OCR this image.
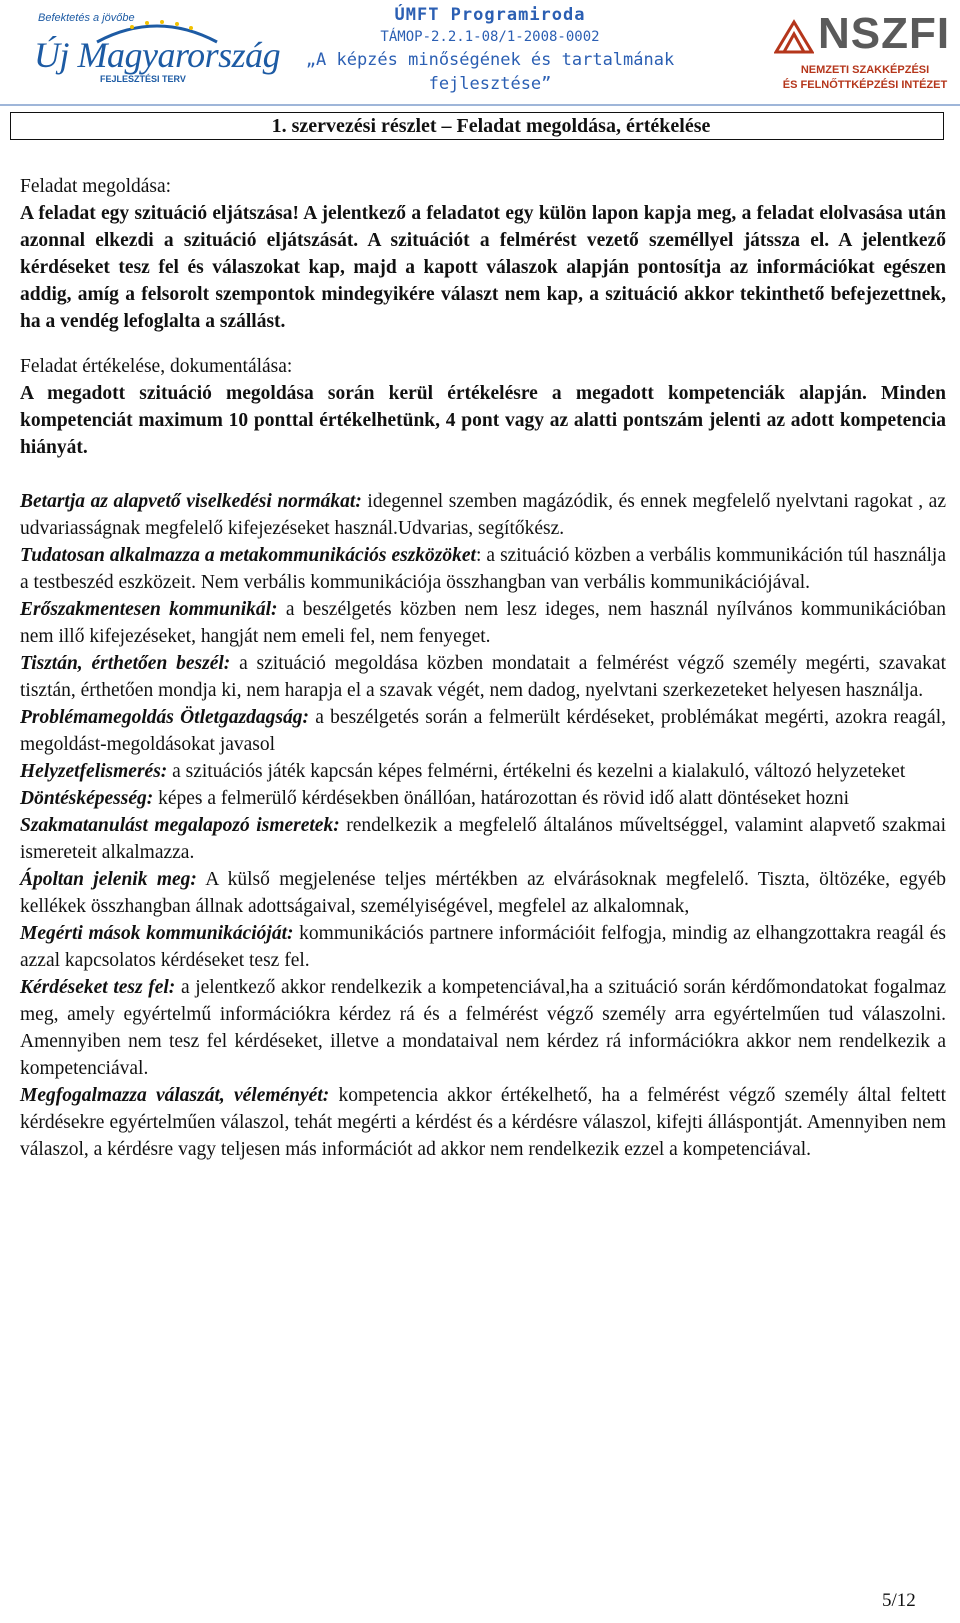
Befektetés a jövőbe
Új Magyarország
FEJLESZTÉSI TERV
ÚMFT Programiroda
TÁMOP-2.2.1-08/1-2008-0002
„A képzés minőségének és tartalmának
fejlesztése”
NSZFI
NEMZETI SZAKKÉPZÉSI
ÉS FELNŐTTKÉPZÉSI INTÉZET
1. szervezési részlet – Feladat megoldása, értékelése

Feladat megoldása:

A feladat egy szituáció eljátszása! A jelentkező a feladatot egy külön lapon kapja meg, a feladat elolvasása után azonnal elkezdi a szituáció eljátszását. A szituációt a felmérést vezető személlyel játssza el. A jelentkező kérdéseket tesz fel és válaszokat kap, majd a kapott válaszok alapján pontosítja az információkat egészen addig, amíg a felsorolt szempontok mindegyikére választ nem kap, a szituáció akkor tekinthető befejezettnek, ha a vendég lefoglalta a szállást.

Feladat értékelése, dokumentálása:

A megadott szituáció megoldása során kerül értékelésre a megadott kompetenciák alapján. Minden kompetenciát maximum 10 ponttal értékelhetünk, 4 pont vagy az alatti pontszám jelenti az adott kompetencia hiányát.

Betartja az alapvető viselkedési normákat: idegennel szemben magázódik, és ennek megfelelő nyelvtani ragokat , az udvariasságnak megfelelő kifejezéseket használ.Udvarias, segítőkész.

Tudatosan alkalmazza a metakommunikációs eszközöket: a szituáció közben a verbális kommunikáción túl használja a testbeszéd eszközeit. Nem verbális kommunikációja összhangban van verbális kommunikációjával.

Erőszakmentesen kommunikál: a beszélgetés közben nem lesz ideges, nem használ nyílvános kommunikációban nem illő kifejezéseket, hangját nem emeli fel, nem fenyeget.

Tisztán, érthetően beszél: a szituáció megoldása közben mondatait a felmérést végző személy megérti, szavakat tisztán, érthetően mondja ki, nem harapja el a szavak végét, nem dadog, nyelvtani szerkezeteket helyesen használja.

Problémamegoldás Ötletgazdagság: a beszélgetés során a felmerült kérdéseket, problémákat megérti, azokra reagál, megoldást-megoldásokat javasol

Helyzetfelismerés: a szituációs játék kapcsán képes felmérni, értékelni és kezelni a kialakuló, változó helyzeteket

Döntésképesség: képes a felmerülő kérdésekben önállóan, határozottan és rövid idő alatt döntéseket hozni

Szakmatanulást megalapozó ismeretek: rendelkezik a megfelelő általános műveltséggel, valamint alapvető szakmai ismereteit alkalmazza.

Ápoltan jelenik meg: A külső megjelenése teljes mértékben az elvárásoknak megfelelő. Tiszta, öltözéke, egyéb kellékek összhangban állnak adottságaival, személyiségével, megfelel az alkalomnak,

Megérti mások kommunikációját: kommunikációs partnere információit felfogja, mindig az elhangzottakra reagál és azzal kapcsolatos kérdéseket tesz fel.

Kérdéseket tesz fel: a jelentkező akkor rendelkezik a kompetenciával,ha a szituáció során kérdőmondatokat fogalmaz meg, amely egyértelmű információkra kérdez rá és a felmérést végző személy arra egyértelműen tud válaszolni. Amennyiben nem tesz fel kérdéseket, illetve a mondataival nem kérdez rá információkra akkor nem rendelkezik a kompetenciával.

Megfogalmazza válaszát, véleményét: kompetencia akkor értékelhető, ha a felmérést végző személy által feltett kérdésekre egyértelműen válaszol, tehát megérti a kérdést és a kérdésre válaszol, kifejti álláspontját. Amennyiben nem válaszol, a kérdésre vagy teljesen más információt ad akkor nem rendelkezik ezzel a kompetenciával.

5/12
